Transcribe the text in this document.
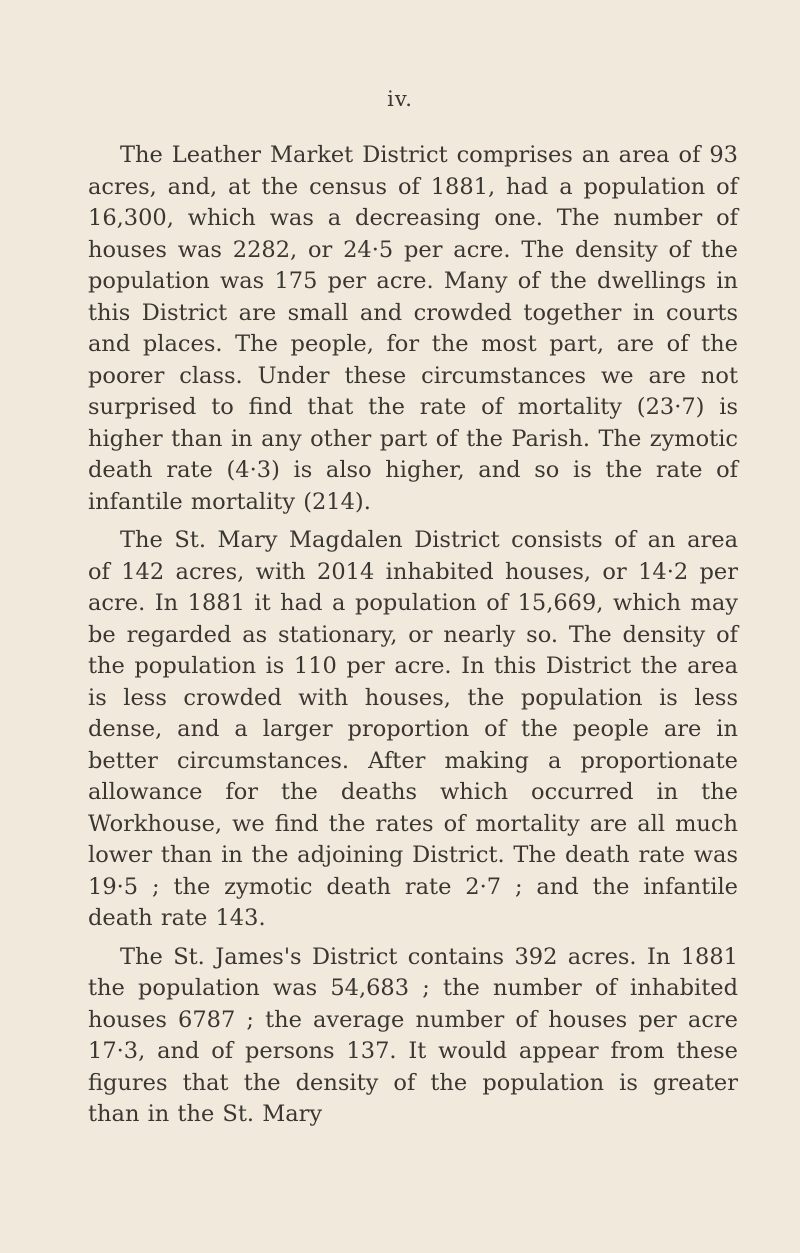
iv.

The Leather Market District comprises an area of 93 acres, and, at the census of 1881, had a population of 16,300, which was a decreasing one. The number of houses was 2282, or 24·5 per acre. The density of the population was 175 per acre. Many of the dwellings in this District are small and crowded together in courts and places. The people, for the most part, are of the poorer class. Under these circumstances we are not surprised to find that the rate of mortality (23·7) is higher than in any other part of the Parish. The zymotic death rate (4·3) is also higher, and so is the rate of infantile mortality (214).

The St. Mary Magdalen District consists of an area of 142 acres, with 2014 inhabited houses, or 14·2 per acre. In 1881 it had a population of 15,669, which may be regarded as stationary, or nearly so. The density of the population is 110 per acre. In this District the area is less crowded with houses, the population is less dense, and a larger proportion of the people are in better circumstances. After making a proportionate allowance for the deaths which occurred in the Workhouse, we find the rates of mortality are all much lower than in the adjoining District. The death rate was 19·5 ; the zymotic death rate 2·7 ; and the infantile death rate 143.

The St. James's District contains 392 acres. In 1881 the population was 54,683 ; the number of inhabited houses 6787 ; the average number of houses per acre 17·3, and of persons 137. It would appear from these figures that the density of the population is greater than in the St. Mary
